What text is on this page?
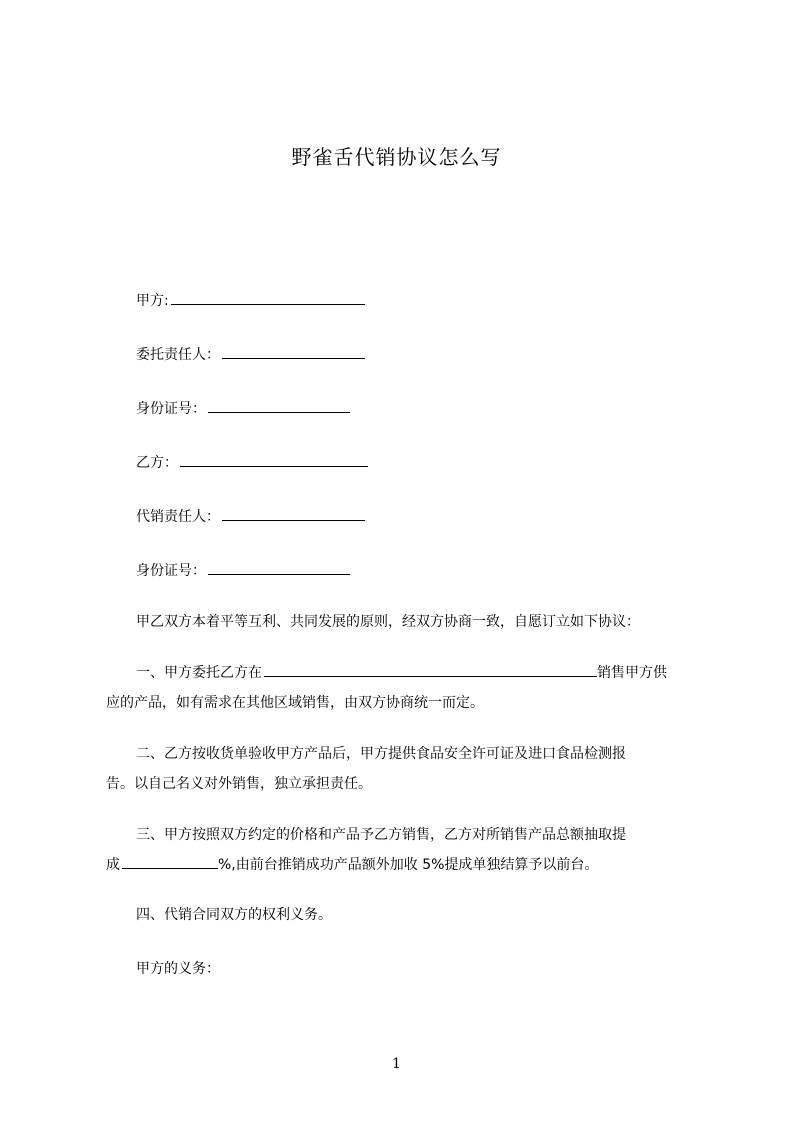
野雀舌代销协议怎么写
甲方:
委托责任人：
身份证号：
乙方：
代销责任人：
身份证号：
甲乙双方本着平等互利、共同发展的原则，经双方协商一致，自愿订立如下协议：
一、甲方委托乙方在	销售甲方供
应的产品，如有需求在其他区域销售，由双方协商统一而定。
二、乙方按收货单验收甲方产品后，甲方提供食品安全许可证及进口食品检测报
告。以自己名义对外销售，独立承担责任。
三、甲方按照双方约定的价格和产品予乙方销售，乙方对所销售产品总额抽取提
成	%,由前台推销成功产品额外加收 5%提成单独结算予以前台。
四、代销合同双方的权利义务。
甲方的义务：
1
